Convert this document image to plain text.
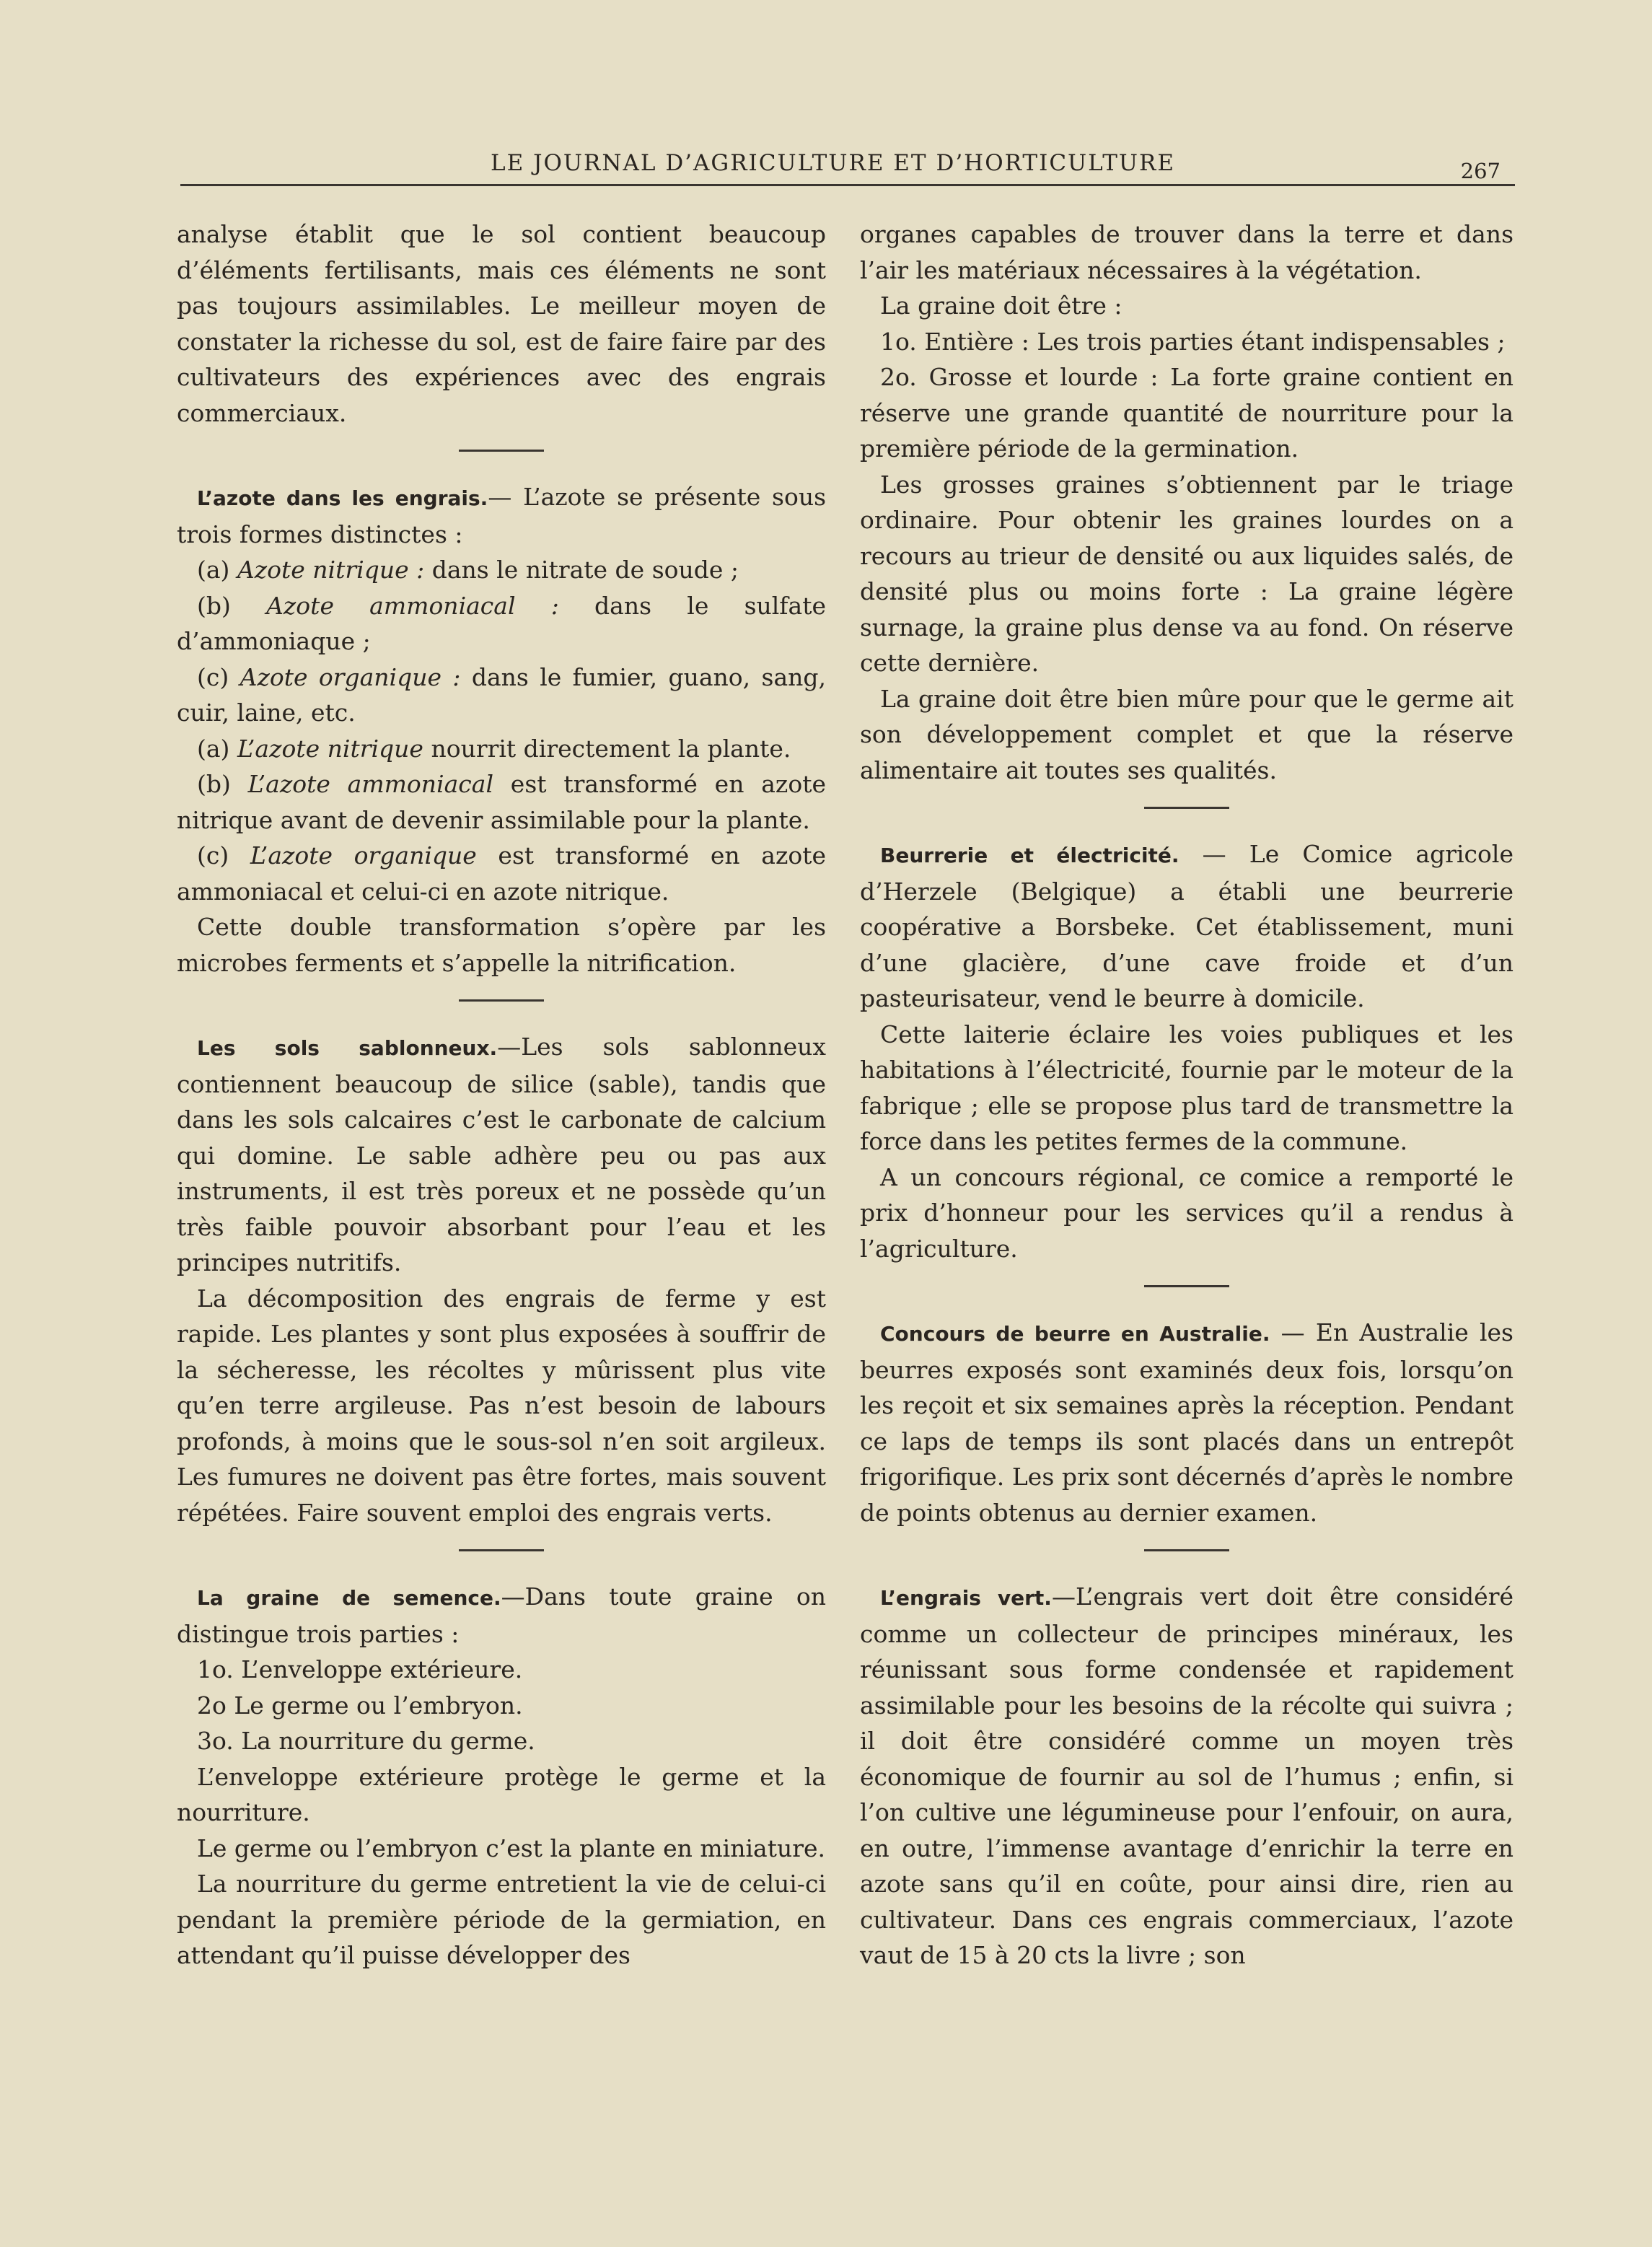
LE JOURNAL D’AGRICULTURE ET D’HORTICULTURE	267

analyse établit que le sol contient beaucoup d’éléments fertilisants, mais ces éléments ne sont pas toujours assimilables. Le meilleur moyen de constater la richesse du sol, est de faire faire par des cultivateurs des expériences avec des engrais commerciaux.

L’azote dans les engrais.— L’azote se présente sous trois formes distinctes :

(a) Azote nitrique : dans le nitrate de soude ;

(b) Azote ammoniacal : dans le sulfate d’ammoniaque ;

(c) Azote organique : dans le fumier, guano, sang, cuir, laine, etc.

(a) L’azote nitrique nourrit directement la plante.

(b) L’azote ammoniacal est transformé en azote nitrique avant de devenir assimilable pour la plante.

(c) L’azote organique est transformé en azote ammoniacal et celui-ci en azote nitrique.

Cette double transformation s’opère par les microbes ferments et s’appelle la nitrification.

Les sols sablonneux.—Les sols sablonneux contiennent beaucoup de silice (sable), tandis que dans les sols calcaires c’est le carbonate de calcium qui domine. Le sable adhère peu ou pas aux instruments, il est très poreux et ne possède qu’un très faible pouvoir absorbant pour l’eau et les principes nutritifs.

La décomposition des engrais de ferme y est rapide. Les plantes y sont plus exposées à souffrir de la sécheresse, les récoltes y mûrissent plus vite qu’en terre argileuse. Pas n’est besoin de labours profonds, à moins que le sous-sol n’en soit argileux. Les fumures ne doivent pas être fortes, mais souvent répétées. Faire souvent emploi des engrais verts.

La graine de semence.—Dans toute graine on distingue trois parties :

1o. L’enveloppe extérieure.

2o Le germe ou l’embryon.

3o. La nourriture du germe.

L’enveloppe extérieure protège le germe et la nourriture.

Le germe ou l’embryon c’est la plante en miniature.

La nourriture du germe entretient la vie de celui-ci pendant la première période de la germiation, en attendant qu’il puisse développer des

organes capables de trouver dans la terre et dans l’air les matériaux nécessaires à la végétation.

La graine doit être :

1o. Entière : Les trois parties étant indispensables ;

2o. Grosse et lourde : La forte graine contient en réserve une grande quantité de nourriture pour la première période de la germination.

Les grosses graines s’obtiennent par le triage ordinaire. Pour obtenir les graines lourdes on a recours au trieur de densité ou aux liquides salés, de densité plus ou moins forte : La graine légère surnage, la graine plus dense va au fond. On réserve cette dernière.

La graine doit être bien mûre pour que le germe ait son développement complet et que la réserve alimentaire ait toutes ses qualités.

Beurrerie et électricité. — Le Comice agricole d’Herzele (Belgique) a établi une beurrerie coopérative a Borsbeke. Cet établissement, muni d’une glacière, d’une cave froide et d’un pasteurisateur, vend le beurre à domicile.

Cette laiterie éclaire les voies publiques et les habitations à l’électricité, fournie par le moteur de la fabrique ; elle se propose plus tard de transmettre la force dans les petites fermes de la commune.

A un concours régional, ce comice a remporté le prix d’honneur pour les services qu’il a rendus à l’agriculture.

Concours de beurre en Australie. — En Australie les beurres exposés sont examinés deux fois, lorsqu’on les reçoit et six semaines après la réception. Pendant ce laps de temps ils sont placés dans un entrepôt frigorifique. Les prix sont décernés d’après le nombre de points obtenus au dernier examen.

L’engrais vert.—L’engrais vert doit être considéré comme un collecteur de principes minéraux, les réunissant sous forme condensée et rapidement assimilable pour les besoins de la récolte qui suivra ; il doit être considéré comme un moyen très économique de fournir au sol de l’humus ; enfin, si l’on cultive une légumineuse pour l’enfouir, on aura, en outre, l’immense avantage d’enrichir la terre en azote sans qu’il en coûte, pour ainsi dire, rien au cultivateur. Dans ces engrais commerciaux, l’azote vaut de 15 à 20 cts la livre ; son
